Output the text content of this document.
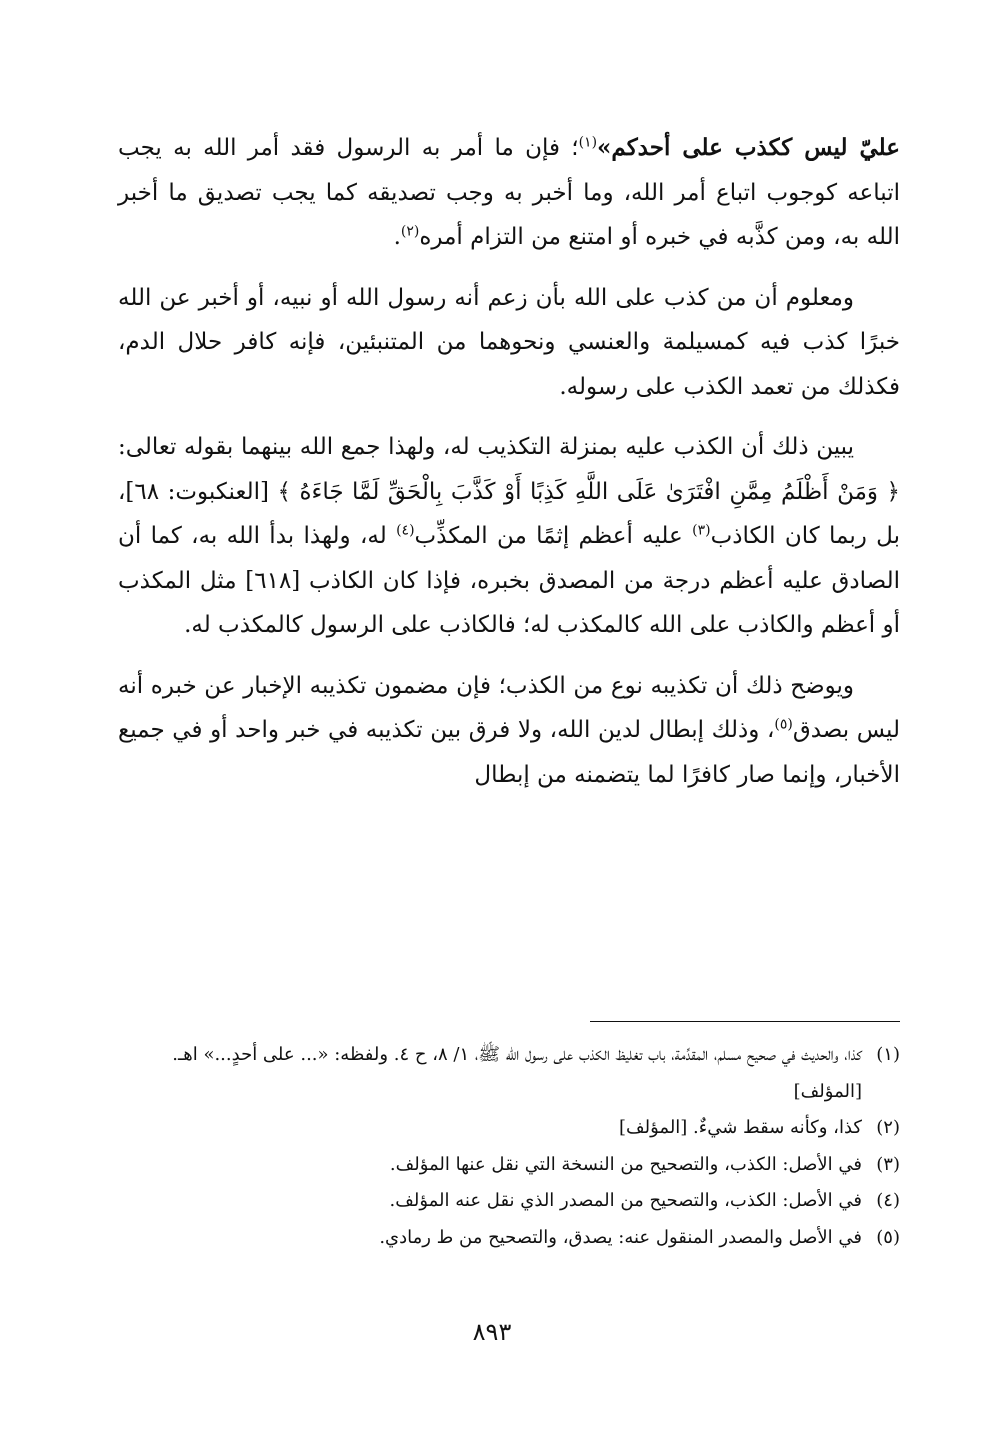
عليّ ليس ككذب على أحدكم»$^{(١)}$؛ فإن ما أمر به الرسول فقد أمر الله به يجب اتباعه كوجوب اتباع أمر الله، وما أخبر به وجب تصديقه كما يجب تصديق ما أخبر الله به، ومن كذَّبه في خبره أو امتنع من التزام أمره$^{(٢)}$.

ومعلوم أن من كذب على الله بأن زعم أنه رسول الله أو نبيه، أو أخبر عن الله خبرًا كذب فيه كمسيلمة والعنسي ونحوهما من المتنبئين، فإنه كافر حلال الدم، فكذلك من تعمد الكذب على رسوله.

يبين ذلك أن الكذب عليه بمنزلة التكذيب له، ولهذا جمع الله بينهما بقوله تعالى: ﴿ وَمَنْ أَظْلَمُ مِمَّنِ افْتَرَىٰ عَلَى اللَّهِ كَذِبًا أَوْ كَذَّبَ بِالْحَقِّ لَمَّا جَاءَهُ ﴾ [العنكبوت: ٦٨]، بل ربما كان الكاذب$^{(٣)}$ عليه أعظم إثمًا من المكذِّب$^{(٤)}$ له، ولهذا بدأ الله به، كما أن الصادق عليه أعظم درجة من المصدق بخبره، فإذا كان الكاذب [٦١٨] مثل المكذب أو أعظم والكاذب على الله كالمكذب له؛ فالكاذب على الرسول كالمكذب له.

ويوضح ذلك أن تكذيبه نوع من الكذب؛ فإن مضمون تكذيبه الإخبار عن خبره أنه ليس بصدق$^{(٥)}$، وذلك إبطال لدين الله، ولا فرق بين تكذيبه في خبر واحد أو في جميع الأخبار، وإنما صار كافرًا لما يتضمنه من إبطال

(١)
كذا، والحديث في صحيح مسلم، المقدِّمة، باب تغليظ الكذب على رسول الله ﷺ، ١/ ٨، ح ٤. ولفظه: «... على أحدٍ...» اهـ. [المؤلف]
(٢)
كذا، وكأنه سقط شيءٌ. [المؤلف]
(٣)
في الأصل: الكذب، والتصحيح من النسخة التي نقل عنها المؤلف.
(٤)
في الأصل: الكذب، والتصحيح من المصدر الذي نقل عنه المؤلف.
(٥)
في الأصل والمصدر المنقول عنه: يصدق، والتصحيح من ط رمادي.
٨٩٣
